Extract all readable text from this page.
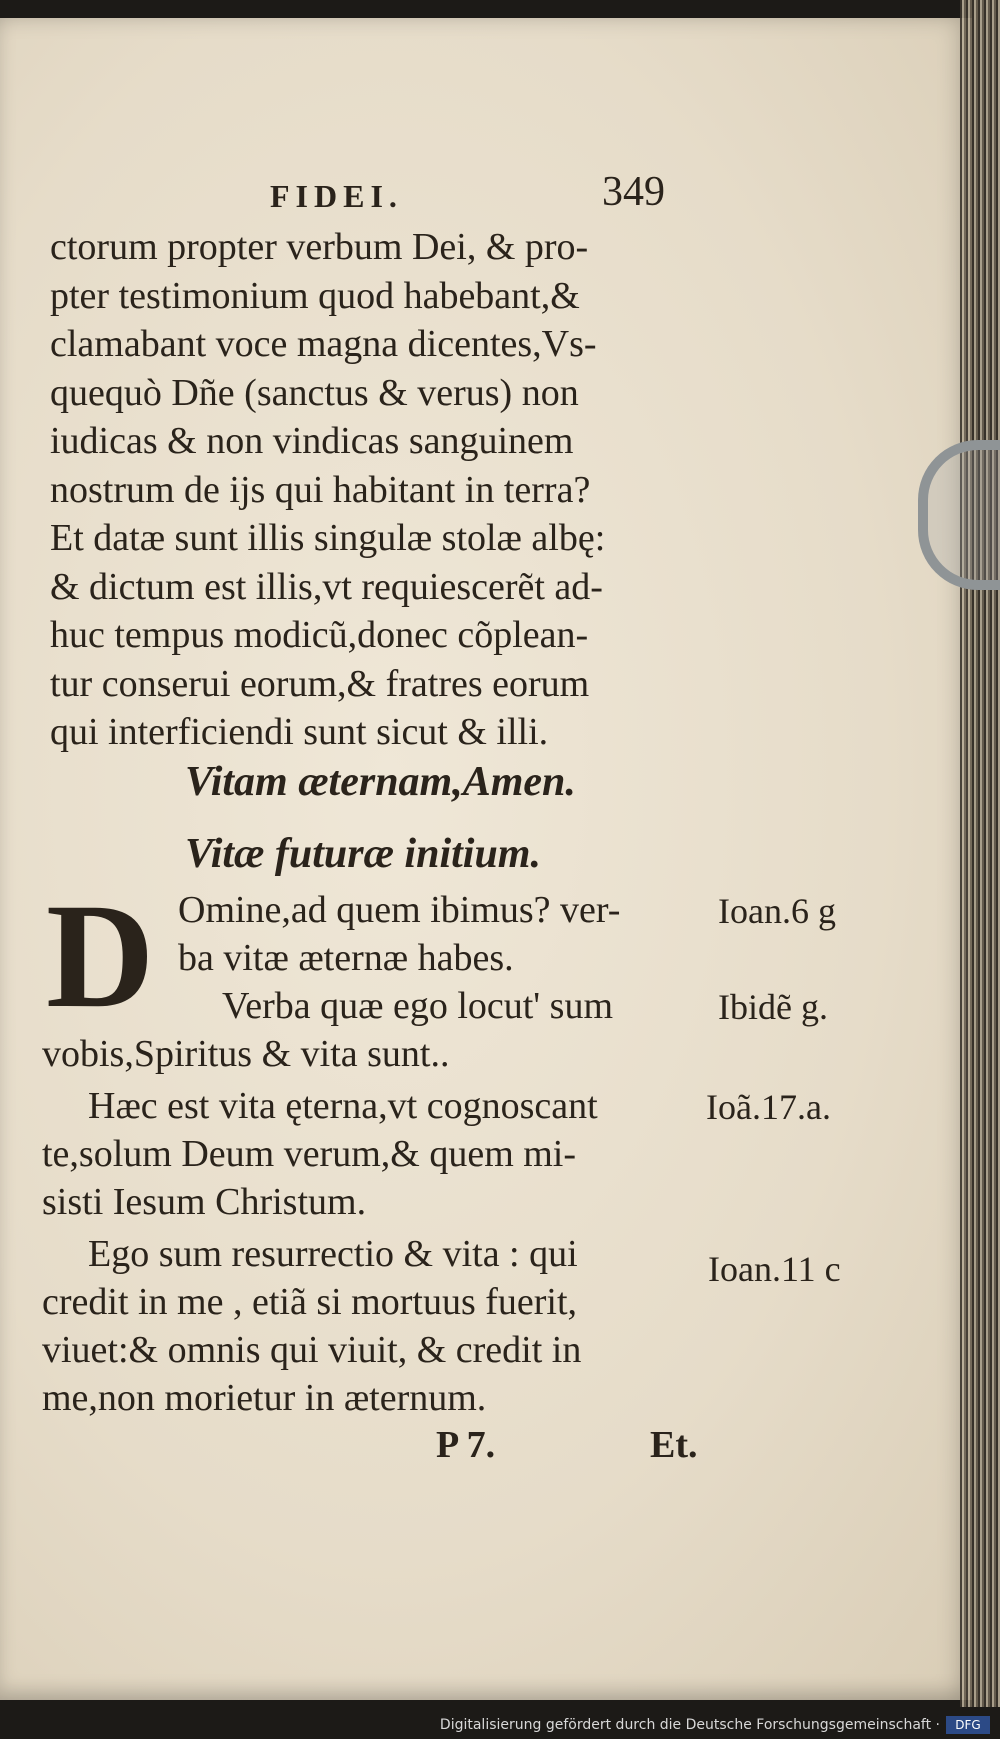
FIDEI.	349
ctorum propter verbum Dei, & pro-
pter testimonium quod habebant,&
clamabant voce magna dicentes,Vs-
quequò Dñe (sanctus & verus) non
iudicas & non vindicas sanguinem
nostrum de ijs qui habitant in terra?
Et datæ sunt illis singulæ stolæ albę:
& dictum est illis,vt requiescerẽt ad-
huc tempus modicũ,donec cõplean-
tur conserui eorum,& fratres eorum
qui interficiendi sunt sicut & illi.
Vitam æternam,Amen.
Vitæ futuræ initium.
D Omine,ad quem ibimus? ver-
ba vitæ æternæ habes.
Verba quæ ego locut' sum
vobis,Spiritus & vita sunt..
Hæc est vita ęterna,vt cognoscant
te,solum Deum verum,& quem mi-
sisti Iesum Christum.
Ego sum resurrectio & vita : qui
credit in me , etiã si mortuus fuerit,
viuet:& omnis qui viuit, & credit in
me,non morietur in æternum.
Ioan.6 g
Ibidẽ g.
Ioã.17.a.
Ioan.11 c
P 7.	Et.
Digitalisierung gefördert durch die Deutsche Forschungsgemeinschaft ·	DFG
